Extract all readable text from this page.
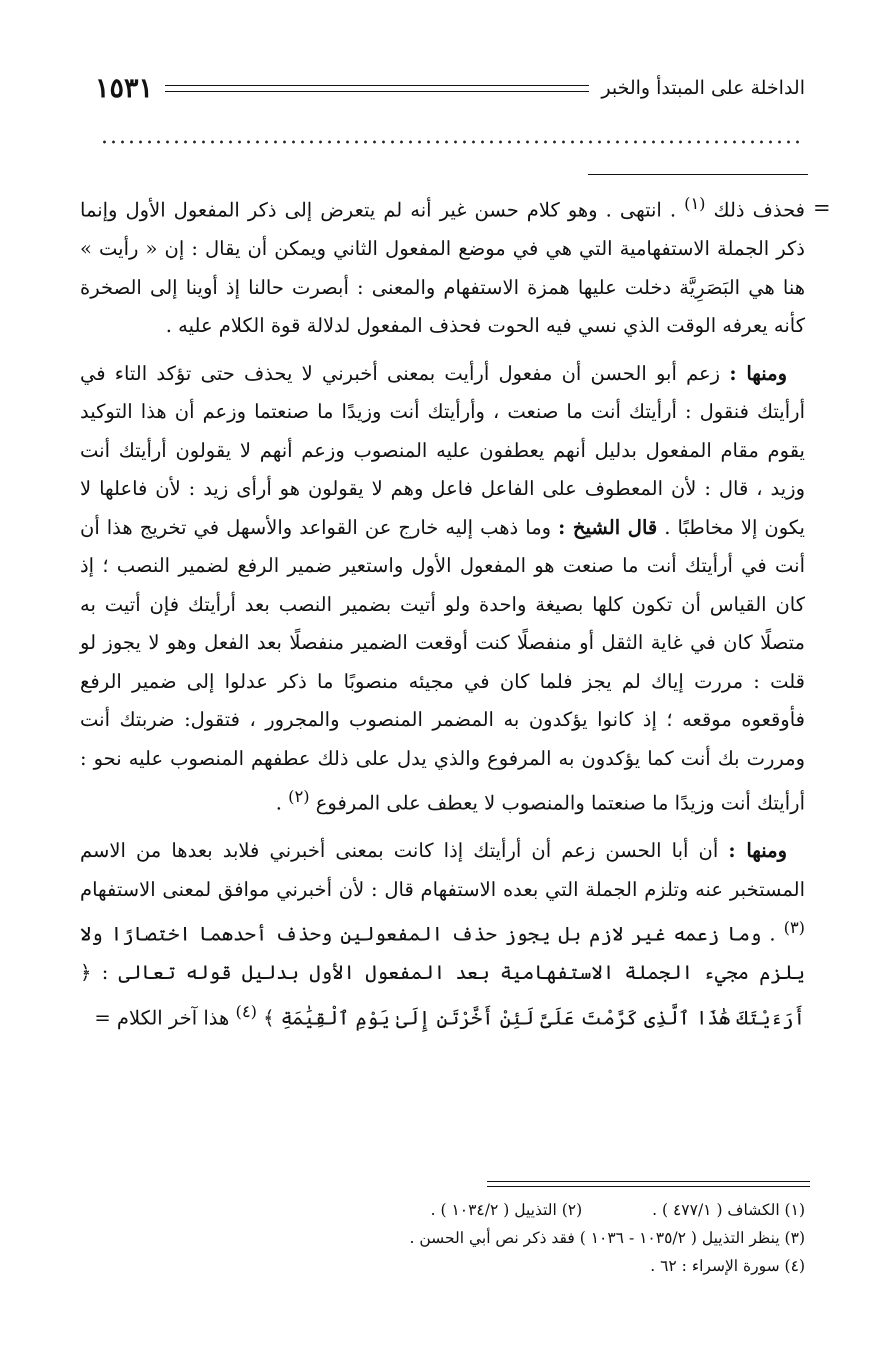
١٥٣١	الداخلة على المبتدأ والخبر
=

فحذف ذلك $^{(١)}$ . انتهى . وهو كلام حسن غير أنه لم يتعرض إلى ذكر المفعول الأول وإنما ذكر الجملة الاستفهامية التي هي في موضع المفعول الثاني ويمكن أن يقال : إن « رأيت » هنا هي البَصَرِيَّة دخلت عليها همزة الاستفهام والمعنى : أبصرت حالنا إذ أوينا إلى الصخرة كأنه يعرفه الوقت الذي نسي فيه الحوت فحذف المفعول لدلالة قوة الكلام عليه .

ومنها : زعم أبو الحسن أن مفعول أرأيت بمعنى أخبرني لا يحذف حتى تؤكد التاء في أرأيتك فنقول : أرأيتك أنت ما صنعت ، وأرأيتك أنت وزيدًا ما صنعتما وزعم أن هذا التوكيد يقوم مقام المفعول بدليل أنهم يعطفون عليه المنصوب وزعم أنهم لا يقولون أرأيتك أنت وزيد ، قال : لأن المعطوف على الفاعل فاعل وهم لا يقولون هو أرأى زيد : لأن فاعلها لا يكون إلا مخاطبًا . قال الشيخ : وما ذهب إليه خارج عن القواعد والأسهل في تخريج هذا أن أنت في أرأيتك أنت ما صنعت هو المفعول الأول واستعير ضمير الرفع لضمير النصب ؛ إذ كان القياس أن تكون كلها بصيغة واحدة ولو أتيت بضمير النصب بعد أرأيتك فإن أتيت به متصلًا كان في غاية الثقل أو منفصلًا كنت أوقعت الضمير منفصلًا بعد الفعل وهو لا يجوز لو قلت : مررت إياك لم يجز فلما كان في مجيئه منصوبًا ما ذكر عدلوا إلى ضمير الرفع فأوقعوه موقعه ؛ إذ كانوا يؤكدون به المضمر المنصوب والمجرور ، فتقول: ضربتك أنت ومررت بك أنت كما يؤكدون به المرفوع والذي يدل على ذلك عطفهم المنصوب عليه نحو : أرأيتك أنت وزيدًا ما صنعتما والمنصوب لا يعطف على المرفوع $^{(٢)}$ .

ومنها : أن أبا الحسن زعم أن أرأيتك إذا كانت بمعنى أخبرني فلابد بعدها من الاسم المستخبر عنه وتلزم الجملة التي بعده الاستفهام قال : لأن أخبرني موافق لمعنى الاستفهام $^{(٣)}$ . وما زعمه غير لازم بل يجوز حذف المفعولين وحذف أحدهما اختصارًا ولا يلزم مجيء الجملة الاستفهامية بعد المفعول الأول بدليل قوله تعالى : ﴿ أَرَءَيْتَكَ هَٰذَا ٱلَّذِى كَرَّمْتَ عَلَىَّ لَئِنْ أَخَّرْتَنِ إِلَىٰ يَوْمِ ٱلْقِيَٰمَةِ ﴾ $^{(٤)}$ هذا آخر الكلام =

(١) الكشاف ( ٤٧٧/١ ) .
(٢) التذييل ( ١٠٣٤/٢ ) .
(٣) ينظر التذييل ( ١٠٣٥/٢ - ١٠٣٦ ) فقد ذكر نص أبي الحسن .
(٤) سورة الإسراء : ٦٢ .
